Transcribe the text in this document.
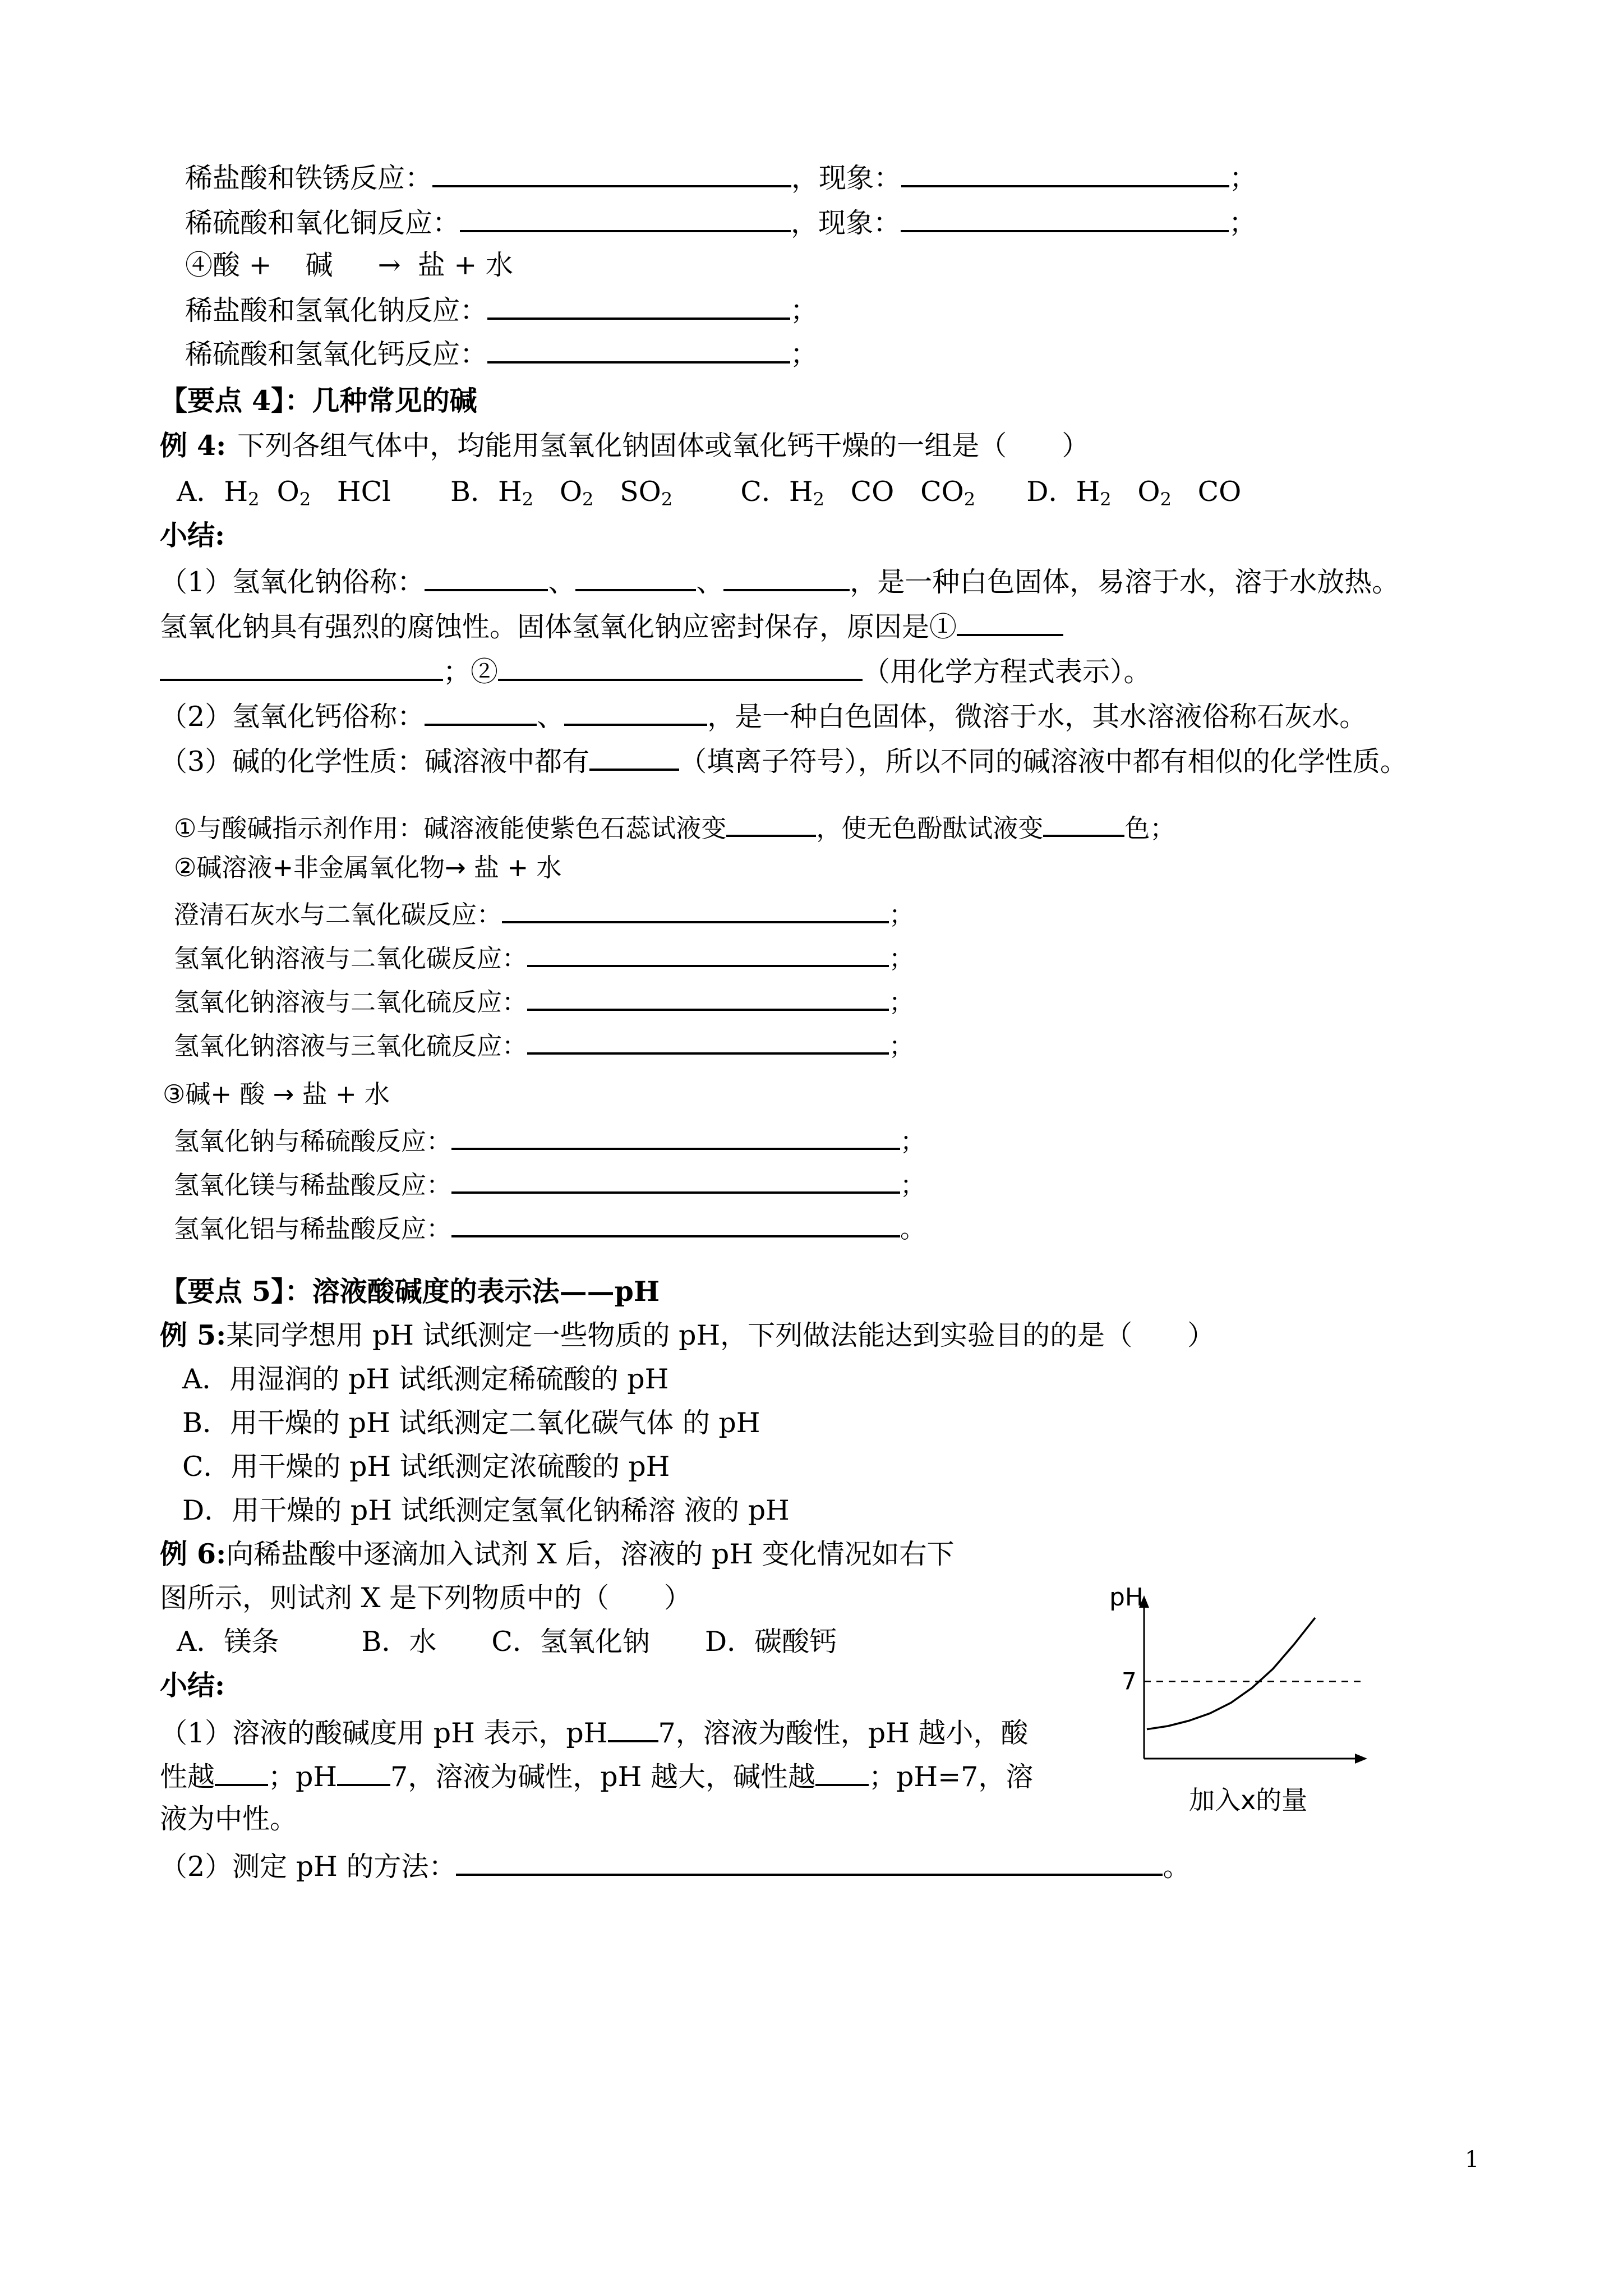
稀盐酸和铁锈反应：	，现象：	；
稀硫酸和氧化铜反应：	，现象：	；
④酸 + 碱 → 盐 + 水
稀盐酸和氢氧化钠反应：	；
稀硫酸和氢氧化钙反应：	；
【要点 4】：几种常见的碱
例 4: 下列各组气体中，均能用氢氧化钠固体或氧化钙干燥的一组是（　　）
A．$H_2$ $O_2$ HCl B．$H_2$ $O_2$ $SO_2$ C．$H_2$ CO $CO_2$ D．$H_2$ $O_2$ CO
小结:
（1）氢氧化钠俗称：	、	、	，是一种白色固体，易溶于水，溶于水放热。
氢氧化钠具有强烈的腐蚀性。固体氢氧化钠应密封保存，原因是①
；②	（用化学方程式表示）。
（2）氢氧化钙俗称：	、	，是一种白色固体，微溶于水，其水溶液俗称石灰水。
（3）碱的化学性质：碱溶液中都有	（填离子符号），所以不同的碱溶液中都有相似的化学性质。
①与酸碱指示剂作用：碱溶液能使紫色石蕊试液变	，使无色酚酞试液变	色；
②碱溶液+非金属氧化物→ 盐 + 水
澄清石灰水与二氧化碳反应：	；
氢氧化钠溶液与二氧化碳反应：	；
氢氧化钠溶液与二氧化硫反应：	；
氢氧化钠溶液与三氧化硫反应：	；
③碱+ 酸 → 盐 + 水
氢氧化钠与稀硫酸反应：	；
氢氧化镁与稀盐酸反应：	；
氢氧化铝与稀盐酸反应：	。
【要点 5】：溶液酸碱度的表示法——pH
例 5:某同学想用 pH 试纸测定一些物质的 pH，下列做法能达到实验目的的是（　　）
A．用湿润的 pH 试纸测定稀硫酸的 pH
B．用干燥的 pH 试纸测定二氧化碳气体 的 pH
C．用干燥的 pH 试纸测定浓硫酸的 pH
D．用干燥的 pH 试纸测定氢氧化钠稀溶 液的 pH
例 6:向稀盐酸中逐滴加入试剂 X 后，溶液的 pH 变化情况如右下
图所示，则试剂 X 是下列物质中的（　　）
A．镁条　　　B．水　　C．氢氧化钠　　D．碳酸钙
小结:
（1）溶液的酸碱度用 pH 表示，pH 7，溶液为酸性，pH 越小，酸
性越 ；pH 7，溶液为碱性，pH 越大，碱性越 ；pH=7，溶
液为中性。
（2）测定 pH 的方法：	。
7
pH
加入x的量
1
